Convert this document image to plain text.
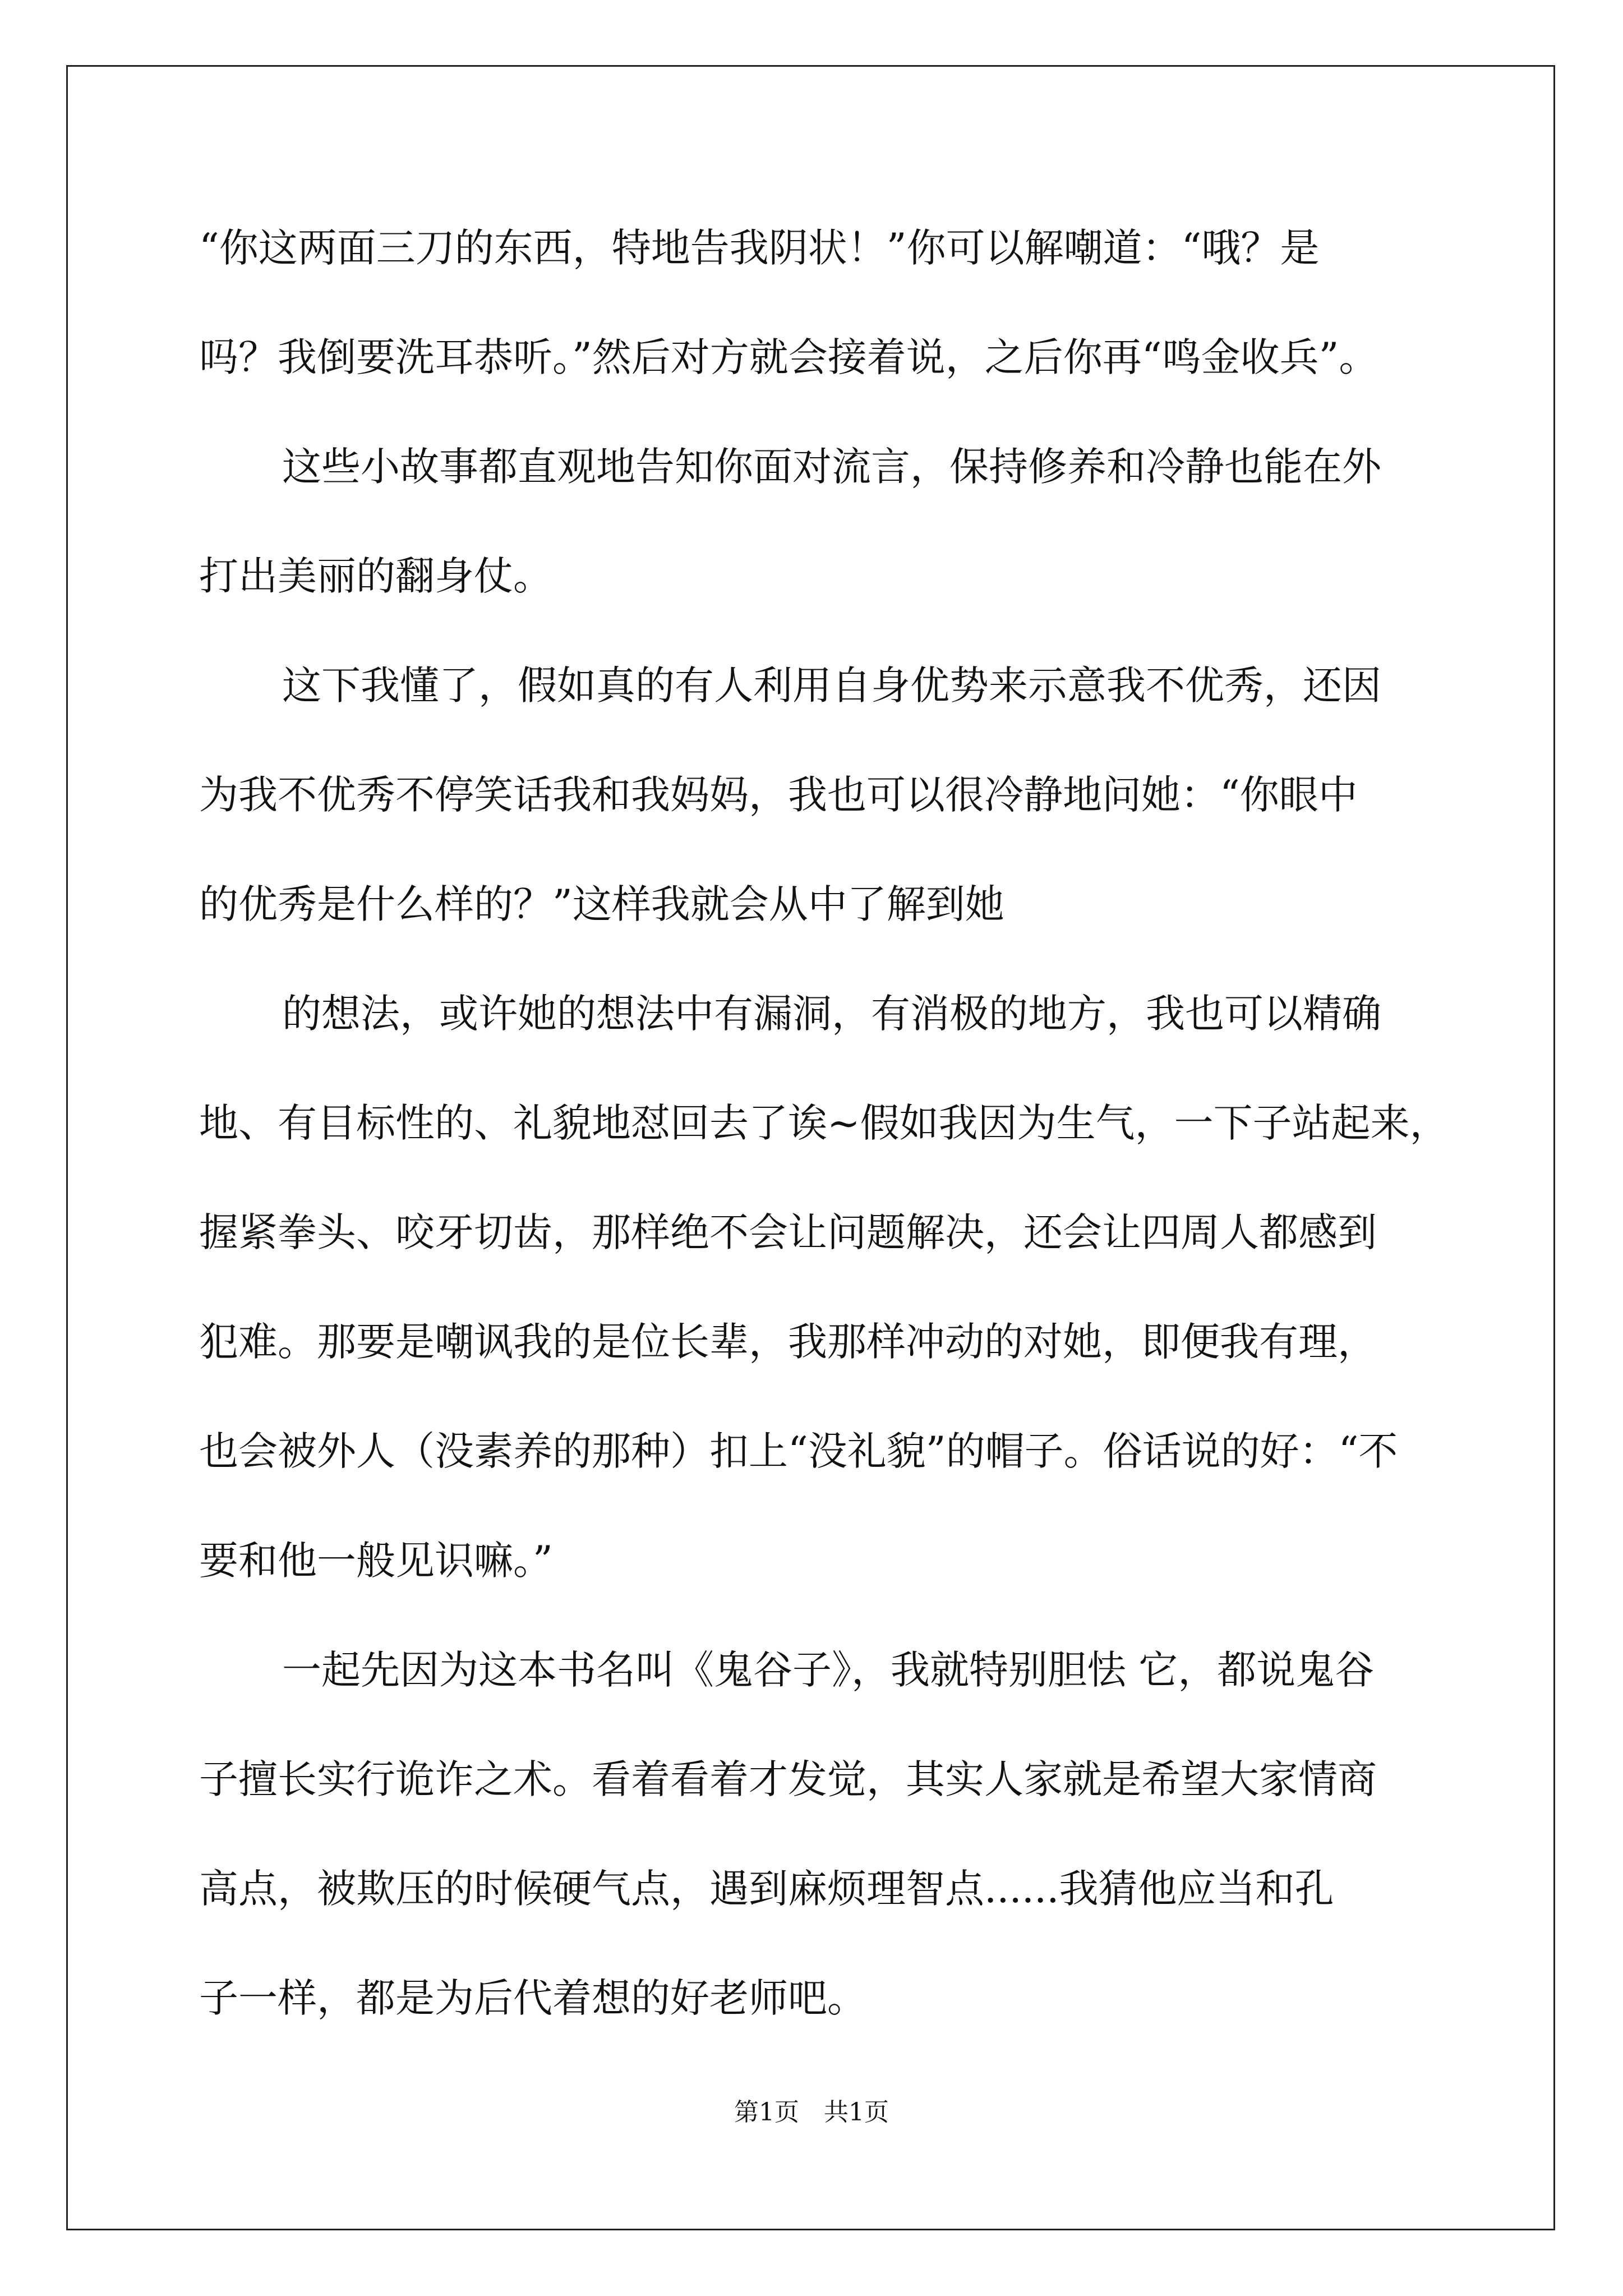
“你这两面三刀的东西，特地告我阴状！”你可以解嘲道：“哦？是
吗？我倒要洗耳恭听。”然后对方就会接着说，之后你再“鸣金收兵”。
这些小故事都直观地告知你面对流言，保持修养和冷静也能在外
打出美丽的翻身仗。
这下我懂了，假如真的有人利用自身优势来示意我不优秀，还因
为我不优秀不停笑话我和我妈妈，我也可以很冷静地问她：“你眼中
的优秀是什么样的？”这样我就会从中了解到她
的想法，或许她的想法中有漏洞，有消极的地方，我也可以精确
地、有目标性的、礼貌地怼回去了诶~假如我因为生气，一下子站起来，
握紧拳头、咬牙切齿，那样绝不会让问题解决，还会让四周人都感到
犯难。那要是嘲讽我的是位长辈，我那样冲动的对她，即便我有理，
也会被外人（没素养的那种）扣上“没礼貌”的帽子。俗话说的好：“不
要和他一般见识嘛。”
一起先因为这本书名叫《鬼谷子》，我就特别胆怯 它，都说鬼谷
子擅长实行诡诈之术。看着看着才发觉，其实人家就是希望大家情商
高点，被欺压的时候硬气点，遇到麻烦理智点......我猜他应当和孔
子一样，都是为后代着想的好老师吧。
第1页　共1页
